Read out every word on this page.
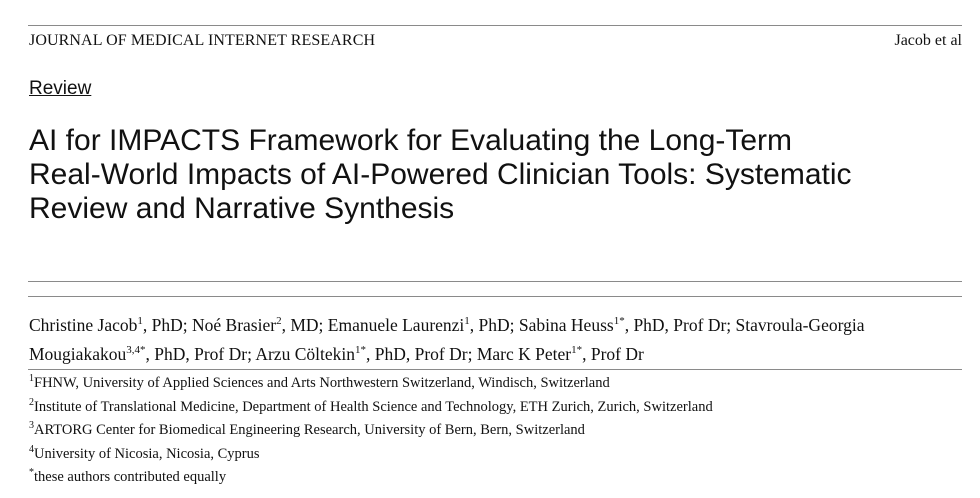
JOURNAL OF MEDICAL INTERNET RESEARCH	Jacob et al
Review
AI for IMPACTS Framework for Evaluating the Long-Term
Real-World Impacts of AI-Powered Clinician Tools: Systematic
Review and Narrative Synthesis
Christine Jacob$^1$, PhD; Noé Brasier$^2$, MD; Emanuele Laurenzi$^1$, PhD; Sabina Heuss$^{1*}$, PhD, Prof Dr; Stavroula-Georgia
Mougiakakou$^{3,4*}$, PhD, Prof Dr; Arzu Cöltekin$^{1*}$, PhD, Prof Dr; Marc K Peter$^{1*}$, Prof Dr
$^1$FHNW, University of Applied Sciences and Arts Northwestern Switzerland, Windisch, Switzerland
$^2$Institute of Translational Medicine, Department of Health Science and Technology, ETH Zurich, Zurich, Switzerland
$^3$ARTORG Center for Biomedical Engineering Research, University of Bern, Bern, Switzerland
$^4$University of Nicosia, Nicosia, Cyprus
*these authors contributed equally
